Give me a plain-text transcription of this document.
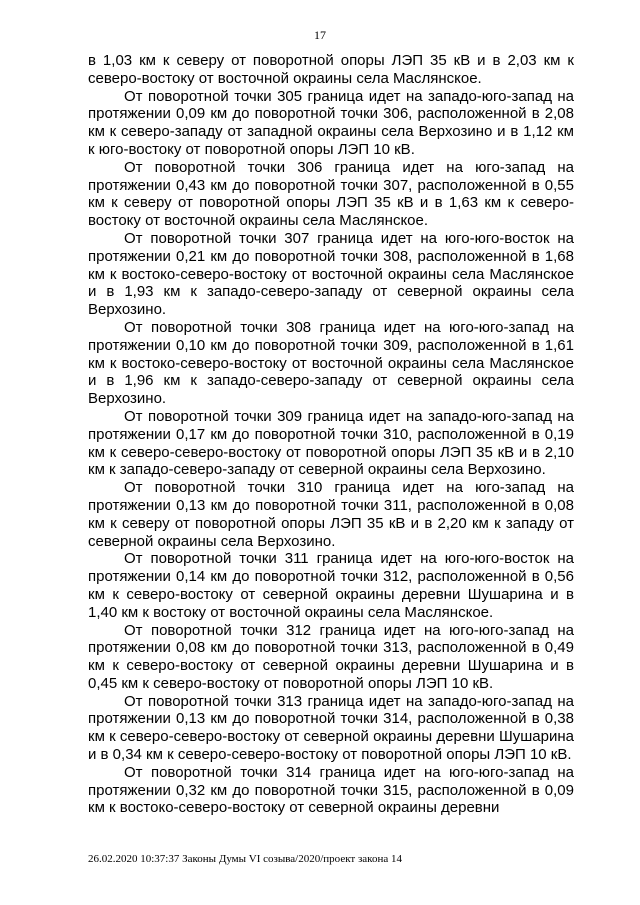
17

в 1,03 км к северу от поворотной опоры ЛЭП 35 кВ и в 2,03 км к северо-востоку от восточной окраины села Маслянское.

От поворотной точки 305 граница идет на западо-юго-запад на протяжении 0,09 км до поворотной точки 306, расположенной в 2,08 км к северо-западу от западной окраины села Верхозино и в 1,12 км к юго-востоку от поворотной опоры ЛЭП 10 кВ.

От поворотной точки 306 граница идет на юго-запад на протяжении 0,43 км до поворотной точки 307, расположенной в 0,55 км к северу от поворотной опоры ЛЭП 35 кВ и в 1,63 км к северо-востоку от восточной окраины села Маслянское.

От поворотной точки 307 граница идет на юго-юго-восток на протяжении 0,21 км до поворотной точки 308, расположенной в 1,68 км к востоко-северо-востоку от восточной окраины села Маслянское и в 1,93 км к западо-северо-западу от северной окраины села Верхозино.

От поворотной точки 308 граница идет на юго-юго-запад на протяжении 0,10 км до поворотной точки 309, расположенной в 1,61 км к востоко-северо-востоку от восточной окраины села Маслянское и в 1,96 км к западо-северо-западу от северной окраины села Верхозино.

От поворотной точки 309 граница идет на западо-юго-запад на протяжении 0,17 км до поворотной точки 310, расположенной в 0,19 км к северо-северо-востоку от поворотной опоры ЛЭП 35 кВ и в 2,10 км к западо-северо-западу от северной окраины села Верхозино.

От поворотной точки 310 граница идет на юго-запад на протяжении 0,13 км до поворотной точки 311, расположенной в 0,08 км к северу от поворотной опоры ЛЭП 35 кВ и в 2,20 км к западу от северной окраины села Верхозино.

От поворотной точки 311 граница идет на юго-юго-восток на протяжении 0,14 км до поворотной точки 312, расположенной в 0,56 км к северо-востоку от северной окраины деревни Шушарина и в 1,40 км к востоку от восточной окраины села Маслянское.

От поворотной точки 312 граница идет на юго-юго-запад на протяжении 0,08 км до поворотной точки 313, расположенной в 0,49 км к северо-востоку от северной окраины деревни Шушарина и в 0,45 км к северо-востоку от поворотной опоры ЛЭП 10 кВ.

От поворотной точки 313 граница идет на западо-юго-запад на протяжении 0,13 км до поворотной точки 314, расположенной в 0,38 км к северо-северо-востоку от северной окраины деревни Шушарина и в 0,34 км к северо-северо-востоку от поворотной опоры ЛЭП 10 кВ.

От поворотной точки 314 граница идет на юго-юго-запад на протяжении 0,32 км до поворотной точки 315, расположенной в 0,09 км к востоко-северо-востоку от северной окраины деревни

26.02.2020 10:37:37 Законы Думы VI созыва/2020/проект закона 14
